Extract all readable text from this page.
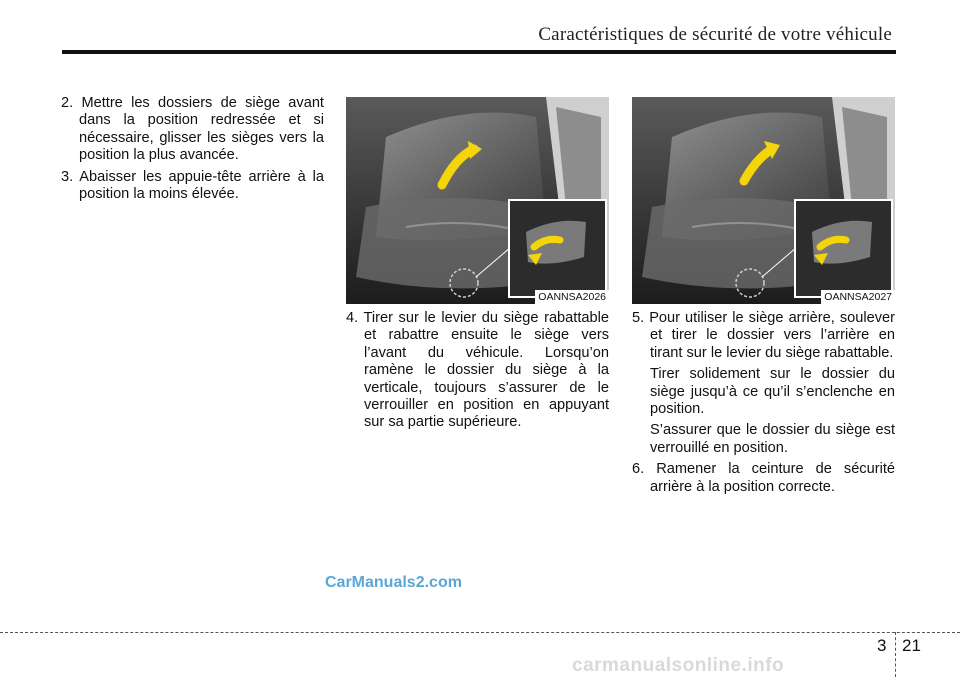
Caractéristiques de sécurité de votre véhicule

2. Mettre les dossiers de siège avant dans la position redressée et si nécessaire, glisser les sièges vers la position la plus avancée.

3. Abaisser les appuie-tête arrière à la position la moins élevée.

OANNSA2026	OANNSA2027

4. Tirer sur le levier du siège rabattable et rabattre ensuite le siège vers l’avant du véhicule. Lorsqu’on ramène le dossier du siège à la verticale, toujours s’assurer de le verrouiller en position en appuyant sur sa partie supérieure.

5. Pour utiliser le siège arrière, soulever et tirer le dossier vers l’arrière en tirant sur le levier du siège rabattable.

Tirer solidement sur le dossier du siège jusqu’à ce qu’il s’enclenche en position.

S’assurer que le dossier du siège est verrouillé en position.

6. Ramener la ceinture de sécurité arrière à la position correcte.

CarManuals2.com
3 21
carmanualsonline.info
